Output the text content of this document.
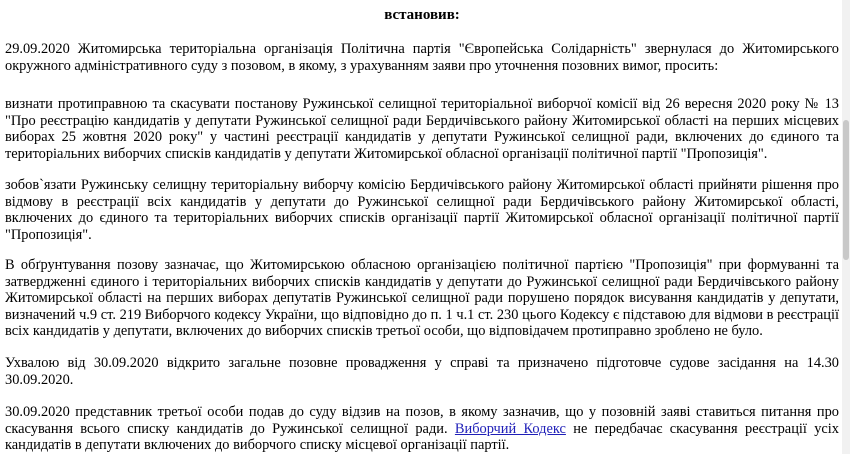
встановив:

29.09.2020 Житомирська територіальна організація Політична партія "Європейська Солідарність" звернулася до Житомирського окружного адміністративного суду з позовом, в якому, з урахуванням заяви про уточнення позовних вимог, просить:

визнати протиправною та скасувати постанову Ружинської селищної територіальної виборчої комісії від 26 вересня 2020 року № 13 "Про реєстрацію кандидатів у депутати Ружинської селищної ради Бердичівського району Житомирської області на перших місцевих виборах 25 жовтня 2020 року" у частині реєстрації кандидатів у депутати Ружинської селищної ради, включених до єдиного та територіальних виборчих списків кандидатів у депутати Житомирської обласної організації політичної партії "Пропозиція".

зобов`язати Ружинську селищну територіальну виборчу комісію Бердичівського району Житомирської області прийняти рішення про відмову в реєстрації всіх кандидатів у депутати до Ружинської селищної ради Бердичівського району Житомирської області, включених до єдиного та територіальних виборчих списків організації партії Житомирської обласної організації політичної партії "Пропозиція".

В обґрунтування позову зазначає, що Житомирською обласною організацією політичної партією "Пропозиція" при формуванні та затвердженні єдиного і територіальних виборчих списків кандидатів у депутати до Ружинської селищної ради Бердичівського району Житомирської області на перших виборах депутатів Ружинської селищної ради порушено порядок висування кандидатів у депутати, визначений ч.9 ст. 219 Виборчого кодексу України, що відповідно до п. 1 ч.1 ст. 230 цього Кодексу є підставою для відмови в реєстрації всіх кандидатів у депутати, включених до виборчих списків третьої особи, що відповідачем протиправно зроблено не було.

Ухвалою від 30.09.2020 відкрито загальне позовне провадження у справі та призначено підготовче судове засідання на 14.30 30.09.2020.

30.09.2020 представник третьої особи подав до суду відзив на позов, в якому зазначив, що у позовній заяві ставиться питання про скасування всього списку кандидатів до Ружинської селищної ради. Виборчий Кодекс не передбачає скасування реєстрації усіх кандидатів в депутати включених до виборчого списку місцевої організації партії.
